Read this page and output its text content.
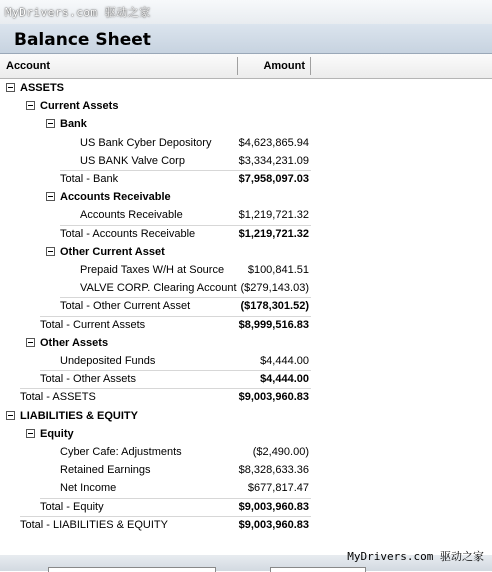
MyDrivers.com 驱动之家
Balance Sheet
Account	Amount
ASSETS
Current Assets
Bank
US Bank Cyber Depository $4,623,865.94
US BANK Valve Corp	$3,334,231.09
Total - Bank	$7,958,097.03
Accounts Receivable
Accounts Receivable	$1,219,721.32
Total - Accounts Receivable	$1,219,721.32
Other Current Asset
Prepaid Taxes W/H at Source $100,841.51
VALVE CORP. Clearing Account ($279,143.03)
Total - Other Current Asset	($178,301.52)
Total - Current Assets	$8,999,516.83
Other Assets
Undeposited Funds	$4,444.00
Total - Other Assets	$4,444.00
Total - ASSETS	$9,003,960.83
LIABILITIES & EQUITY
Equity
Cyber Cafe: Adjustments	($2,490.00)
Retained Earnings	$8,328,633.36
Net Income	$677,817.47
Total - Equity	$9,003,960.83
Total - LIABILITIES & EQUITY	$9,003,960.83
MyDrivers.com 驱动之家
